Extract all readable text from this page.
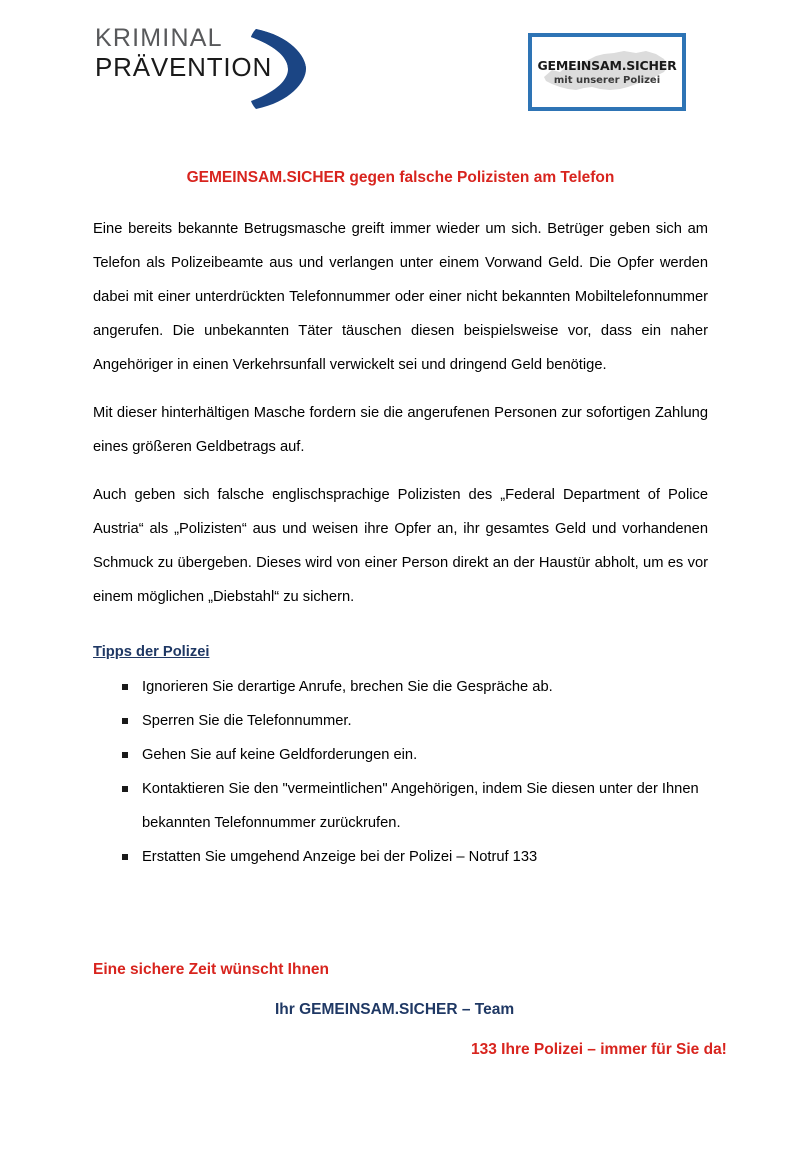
KRIMINAL
PRÄVENTION	GEMEINSAM.SICHER
mit unserer Polizei
GEMEINSAM.SICHER gegen falsche Polizisten am Telefon

Eine bereits bekannte Betrugsmasche greift immer wieder um sich. Betrüger geben sich am Telefon als Polizeibeamte aus und verlangen unter einem Vorwand Geld. Die Opfer werden dabei mit einer unterdrückten Telefonnummer oder einer nicht bekannten Mobiltelefonnummer angerufen. Die unbekannten Täter täuschen diesen beispielsweise vor, dass ein naher Angehöriger in einen Verkehrsunfall verwickelt sei und dringend Geld benötige.

Mit dieser hinterhältigen Masche fordern sie die angerufenen Personen zur sofortigen Zahlung eines größeren Geldbetrags auf.

Auch geben sich falsche englischsprachige Polizisten des „Federal Department of Police Austria“ als „Polizisten“ aus und weisen ihre Opfer an, ihr gesamtes Geld und vorhandenen Schmuck zu übergeben. Dieses wird von einer Person direkt an der Haustür abholt, um es vor einem möglichen „Diebstahl“ zu sichern.

Tipps der Polizei
Ignorieren Sie derartige Anrufe, brechen Sie die Gespräche ab.
Sperren Sie die Telefonnummer.
Gehen Sie auf keine Geldforderungen ein.
Kontaktieren Sie den "vermeintlichen" Angehörigen, indem Sie diesen unter der Ihnen bekannten Telefonnummer zurückrufen.
Erstatten Sie umgehend Anzeige bei der Polizei – Notruf 133
Eine sichere Zeit wünscht Ihnen
Ihr GEMEINSAM.SICHER – Team
133 Ihre Polizei – immer für Sie da!
